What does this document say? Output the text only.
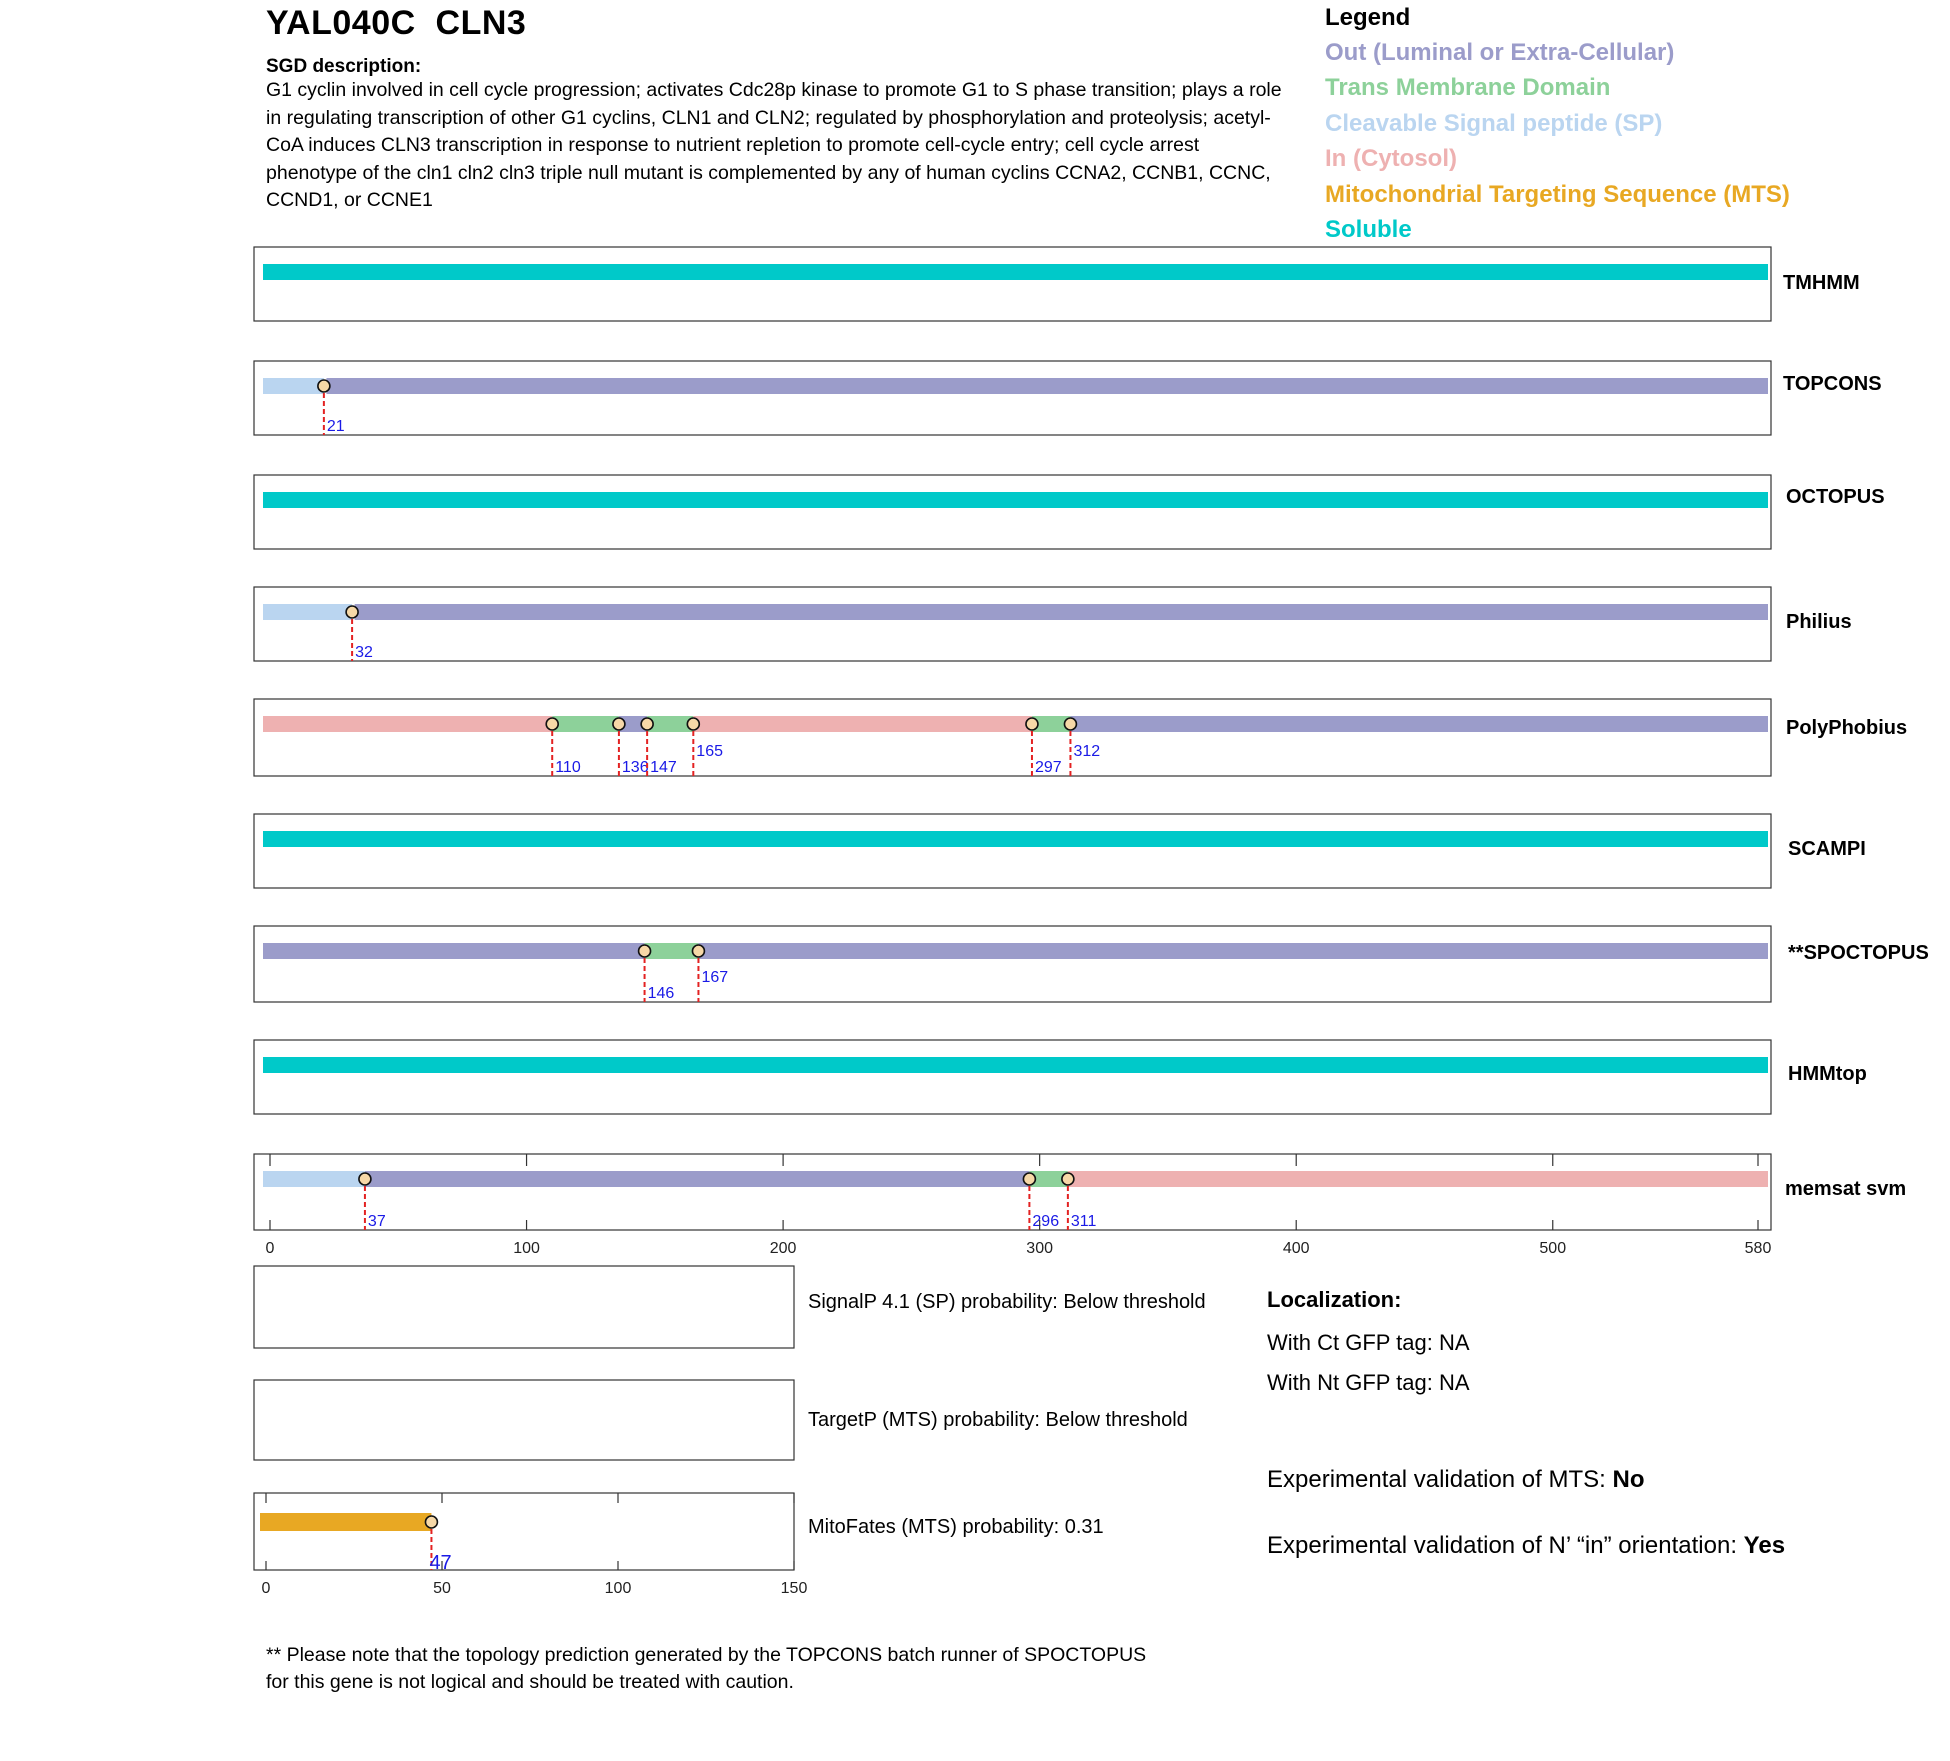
21
32
110	136 147
165
297
312
146
167
37	296 311
0	100	200	300	400	500	580
47
0	50	100	150
YAL040C  CLN3
SGD description:
G1 cyclin involved in cell cycle progression; activates Cdc28p kinase to promote G1 to S phase transition; plays a role in regulating transcription of other G1 cyclins, CLN1 and CLN2; regulated by phosphorylation and proteolysis; acetyl-CoA induces CLN3 transcription in response to nutrient repletion to promote cell-cycle entry; cell cycle arrest phenotype of the cln1 cln2 cln3 triple null mutant is complemented by any of human cyclins CCNA2, CCNB1, CCNC, CCND1, or CCNE1
Legend
Out (Luminal or Extra-Cellular)
Trans Membrane Domain
Cleavable Signal peptide (SP)
In (Cytosol)
Mitochondrial Targeting Sequence (MTS)
Soluble
TMHMM
TOPCONS
OCTOPUS
Philius
PolyPhobius
SCAMPI
**SPOCTOPUS
HMMtop
memsat svm
SignalP 4.1 (SP) probability: Below threshold
TargetP (MTS) probability: Below threshold
MitoFates (MTS) probability: 0.31
Localization:
With Ct GFP tag: NA
With Nt GFP tag: NA
Experimental validation of MTS: No
Experimental validation of N’ “in” orientation: Yes
** Please note that the topology prediction generated by the TOPCONS batch runner of SPOCTOPUS for this gene is not logical and should be treated with caution.
